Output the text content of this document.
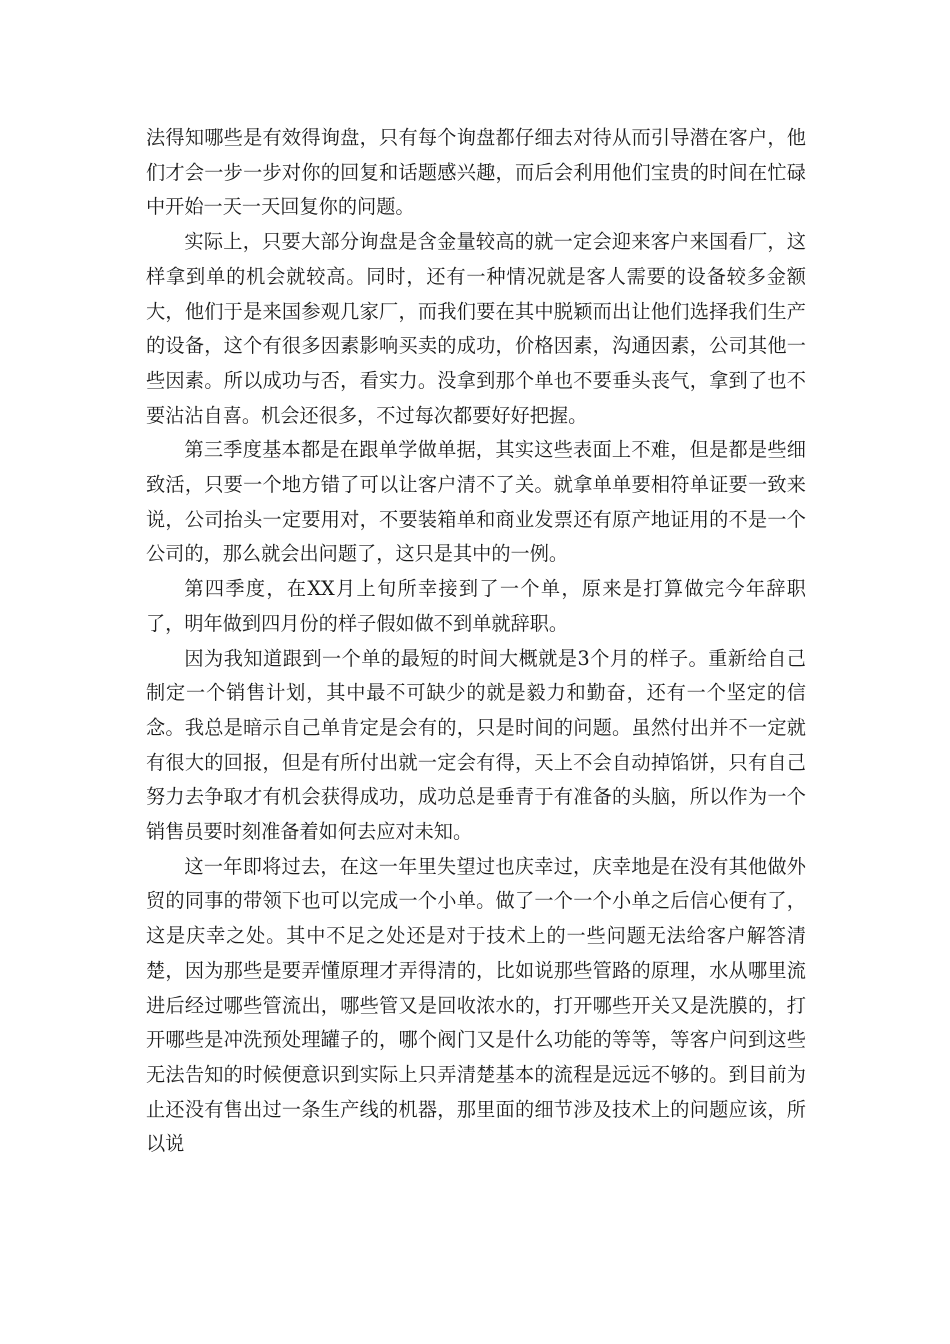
法得知哪些是有效得询盘，只有每个询盘都仔细去对待从而引导潜在客户，他们才会一步一步对你的回复和话题感兴趣，而后会利用他们宝贵的时间在忙碌中开始一天一天回复你的问题。

实际上，只要大部分询盘是含金量较高的就一定会迎来客户来国看厂，这样拿到单的机会就较高。同时，还有一种情况就是客人需要的设备较多金额大，他们于是来国参观几家厂，而我们要在其中脱颖而出让他们选择我们生产的设备，这个有很多因素影响买卖的成功，价格因素，沟通因素，公司其他一些因素。所以成功与否，看实力。没拿到那个单也不要垂头丧气，拿到了也不要沾沾自喜。机会还很多，不过每次都要好好把握。

第三季度基本都是在跟单学做单据，其实这些表面上不难，但是都是些细致活，只要一个地方错了可以让客户清不了关。就拿单单要相符单证要一致来说，公司抬头一定要用对，不要装箱单和商业发票还有原产地证用的不是一个公司的，那么就会出问题了，这只是其中的一例。

第四季度，在XX月上旬所幸接到了一个单，原来是打算做完今年辞职了，明年做到四月份的样子假如做不到单就辞职。

因为我知道跟到一个单的最短的时间大概就是3个月的样子。重新给自己制定一个销售计划，其中最不可缺少的就是毅力和勤奋，还有一个坚定的信念。我总是暗示自己单肯定是会有的，只是时间的问题。虽然付出并不一定就有很大的回报，但是有所付出就一定会有得，天上不会自动掉馅饼，只有自己努力去争取才有机会获得成功，成功总是垂青于有准备的头脑，所以作为一个销售员要时刻准备着如何去应对未知。

这一年即将过去，在这一年里失望过也庆幸过，庆幸地是在没有其他做外贸的同事的带领下也可以完成一个小单。做了一个一个小单之后信心便有了，这是庆幸之处。其中不足之处还是对于技术上的一些问题无法给客户解答清楚，因为那些是要弄懂原理才弄得清的，比如说那些管路的原理，水从哪里流进后经过哪些管流出，哪些管又是回收浓水的，打开哪些开关又是洗膜的，打开哪些是冲洗预处理罐子的，哪个阀门又是什么功能的等等，等客户问到这些无法告知的时候便意识到实际上只弄清楚基本的流程是远远不够的。到目前为止还没有售出过一条生产线的机器，那里面的细节涉及技术上的问题应该，所以说
